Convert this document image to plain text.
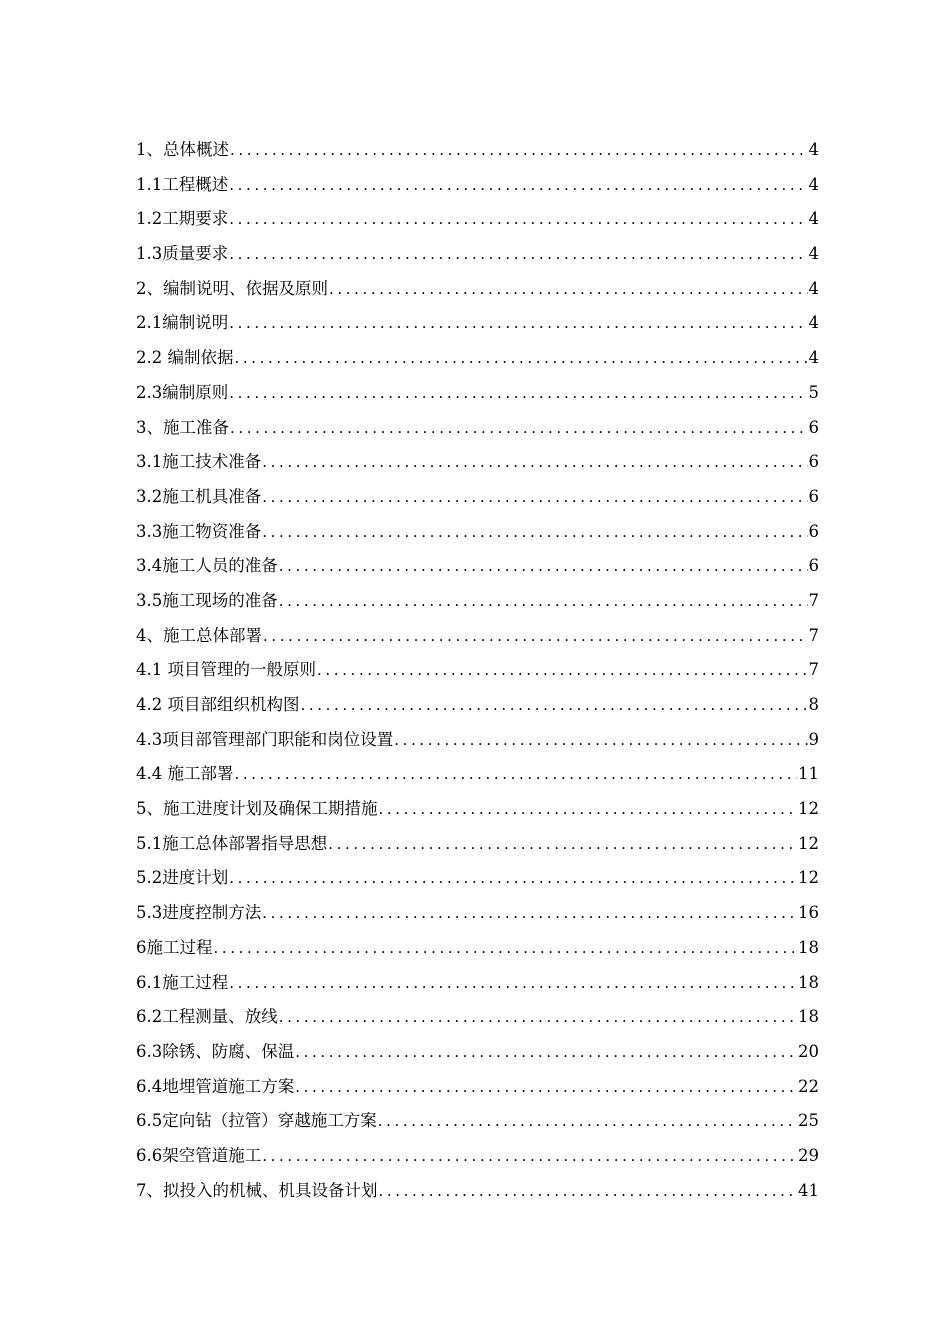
1、总体概述 .....	4
1.1工程概述 .....	4
1.2工期要求 .....	4
1.3质量要求 .....	4
2、编制说明、依据及原则 .....	4
2.1编制说明 .....	4
2.2 编制依据 .....	4
2.3编制原则 .....	5
3、施工准备 .....	6
3.1施工技术准备 .....	6
3.2施工机具准备 .....	6
3.3施工物资准备 .....	6
3.4施工人员的准备 .....	6
3.5施工现场的准备 .....	7
4、施工总体部署 .....	7
4.1 项目管理的一般原则 .....	7
4.2 项目部组织机构图 .....	8
4.3项目部管理部门职能和岗位设置 .....	9
4.4 施工部署 .....	11
5、施工进度计划及确保工期措施 .....	12
5.1施工总体部署指导思想 .....	12
5.2进度计划 .....	12
5.3进度控制方法 .....	16
6施工过程 .....	18
6.1施工过程 .....	18
6.2工程测量、放线 .....	18
6.3除锈、防腐、保温 .....	20
6.4地埋管道施工方案 .....	22
6.5定向钻（拉管）穿越施工方案 .....	25
6.6架空管道施工 .....	29
7、拟投入的机械、机具设备计划 .....	41
